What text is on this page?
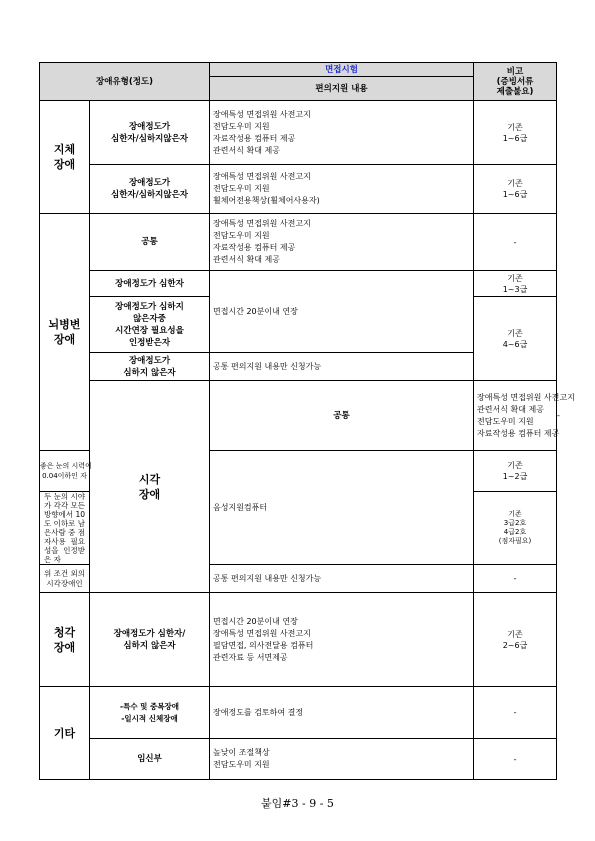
장애유형(정도)		면접시험	비고
(증빙서류
제출불요)	

		편의지원 내용		

지체
장애	장애정도가
심한자/심하지않은자	장애특성 면접위원 사전고지
전담도우미 지원
자료작성용 컴퓨터 제공
관련서식 확대 제공	기존
1~6급	

	장애정도가
심한자/심하지않은자	장애특성 면접위원 사전고지
전담도우미 지원
휠체어전용책상(휠체어사용자)	기존
1~6급	

뇌병변
장애	공통	장애특성 면접위원 사전고지
전담도우미 지원
자료작성용 컴퓨터 제공
관련서식 확대 제공	-	
	장애정도가 심한자	면접시간 20분이내 연장	기존
1~3급	

	장애정도가 심하지
않은자중
시간연장 필요성을
인정받은자		기존
4~6급	

	장애정도가
심하지 않은자	공통 편의지원 내용만 신청가능		

	시각
장애	공통	장애특성 면접위원 사전고지
관련서식 확대 제공
전담도우미 지원
자료작성용 컴퓨터 제공	-

좋은 눈의 시력이
0.04이하인 자		음성지원컴퓨터	기존
1~2급	

두 눈의 시야가 각각 모든 방향에서 10도 이하로 남은사람 중 점자사용 필요성을 인정받은 자			기존
3급2호
4급2호
(점자필요)	

위 조건 외의 시각장애인		공통 편의지원 내용만 신청가능	-	

청각
장애	장애정도가 심한자/
심하지 않은자	면접시간 20분이내 연장
장애특성 면접위원 사전고지
필담면접, 의사전달용 컴퓨터
관련자료 등 서면제공	기존
2~6급	

기타	-특수 및 중복장애
-일시적 신체장애	장애정도를 검토하여 결정	-	
	임신부	높낮이 조절책상
전담도우미 지원	-	
붙임#3 - 9 - 5
